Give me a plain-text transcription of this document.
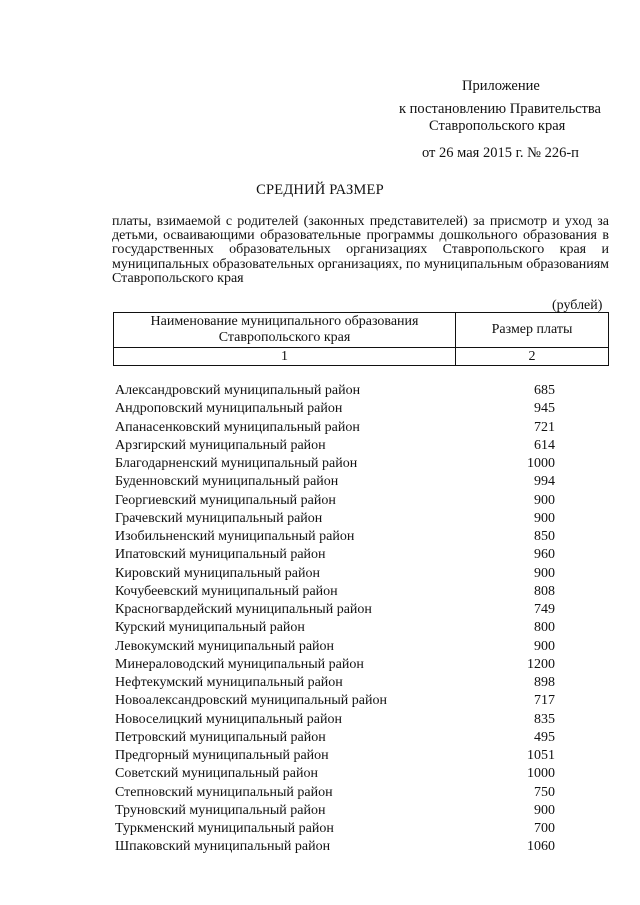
Приложение
к постановлению Правительства
Ставропольского края
от 26 мая 2015 г. № 226-п
СРЕДНИЙ РАЗМЕР
платы, взимаемой с родителей (законных представителей) за присмотр и уход за детьми, осваивающими образовательные программы дошкольного образования в государственных образовательных организациях Ставропольского края и муниципальных образовательных организациях, по муниципальным образованиям Ставропольского края
(рублей)
Наименование муниципального образования
Ставропольского края	Размер платы
1	2
Александровский муниципальный район	685
Андроповский муниципальный район	945
Апанасенковский муниципальный район	721
Арзгирский муниципальный район	614
Благодарненский муниципальный район	1000
Буденновский муниципальный район	994
Георгиевский муниципальный район	900
Грачевский муниципальный район	900
Изобильненский муниципальный район	850
Ипатовский муниципальный район	960
Кировский муниципальный район	900
Кочубеевский муниципальный район	808
Красногвардейский муниципальный район	749
Курский муниципальный район	800
Левокумский муниципальный район	900
Минераловодский муниципальный район	1200
Нефтекумский муниципальный район	898
Новоалександровский муниципальный район	717
Новоселицкий муниципальный район	835
Петровский муниципальный район	495
Предгорный муниципальный район	1051
Советский муниципальный район	1000
Степновский муниципальный район	750
Труновский муниципальный район	900
Туркменский муниципальный район	700
Шпаковский муниципальный район	1060
